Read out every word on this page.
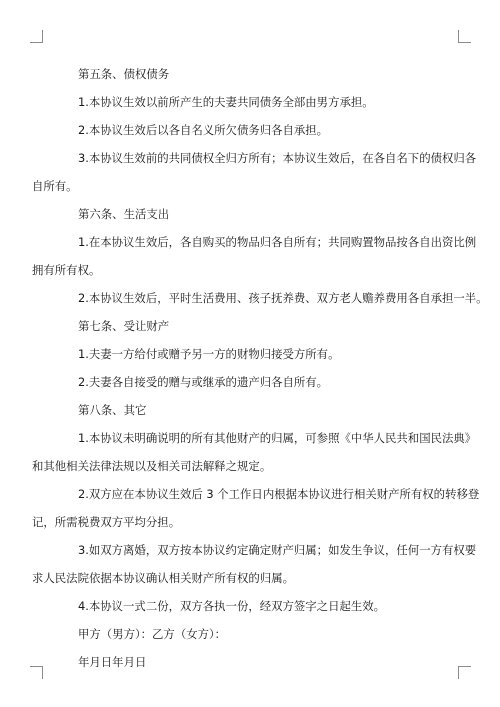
第五条、债权债务
1.本协议生效以前所产生的夫妻共同债务全部由男方承担。
2.本协议生效后以各自名义所欠债务归各自承担。
3.本协议生效前的共同债权全归方所有；本协议生效后，在各自名下的债权归各
自所有。
第六条、生活支出
1.在本协议生效后，各自购买的物品归各自所有；共同购置物品按各自出资比例
拥有所有权。
2.本协议生效后，平时生活费用、孩子抚养费、双方老人赡养费用各自承担一半。
第七条、受让财产
1.夫妻一方给付或赠予另一方的财物归接受方所有。
2.夫妻各自接受的赠与或继承的遗产归各自所有。
第八条、其它
1.本协议未明确说明的所有其他财产的归属，可参照《中华人民共和国民法典》
和其他相关法律法规以及相关司法解释之规定。
2.双方应在本协议生效后 3 个工作日内根据本协议进行相关财产所有权的转移登
记，所需税费双方平均分担。
3.如双方离婚，双方按本协议约定确定财产归属；如发生争议，任何一方有权要
求人民法院依据本协议确认相关财产所有权的归属。
4.本协议一式二份，双方各执一份，经双方签字之日起生效。
甲方（男方）：乙方（女方）：
年月日年月日
